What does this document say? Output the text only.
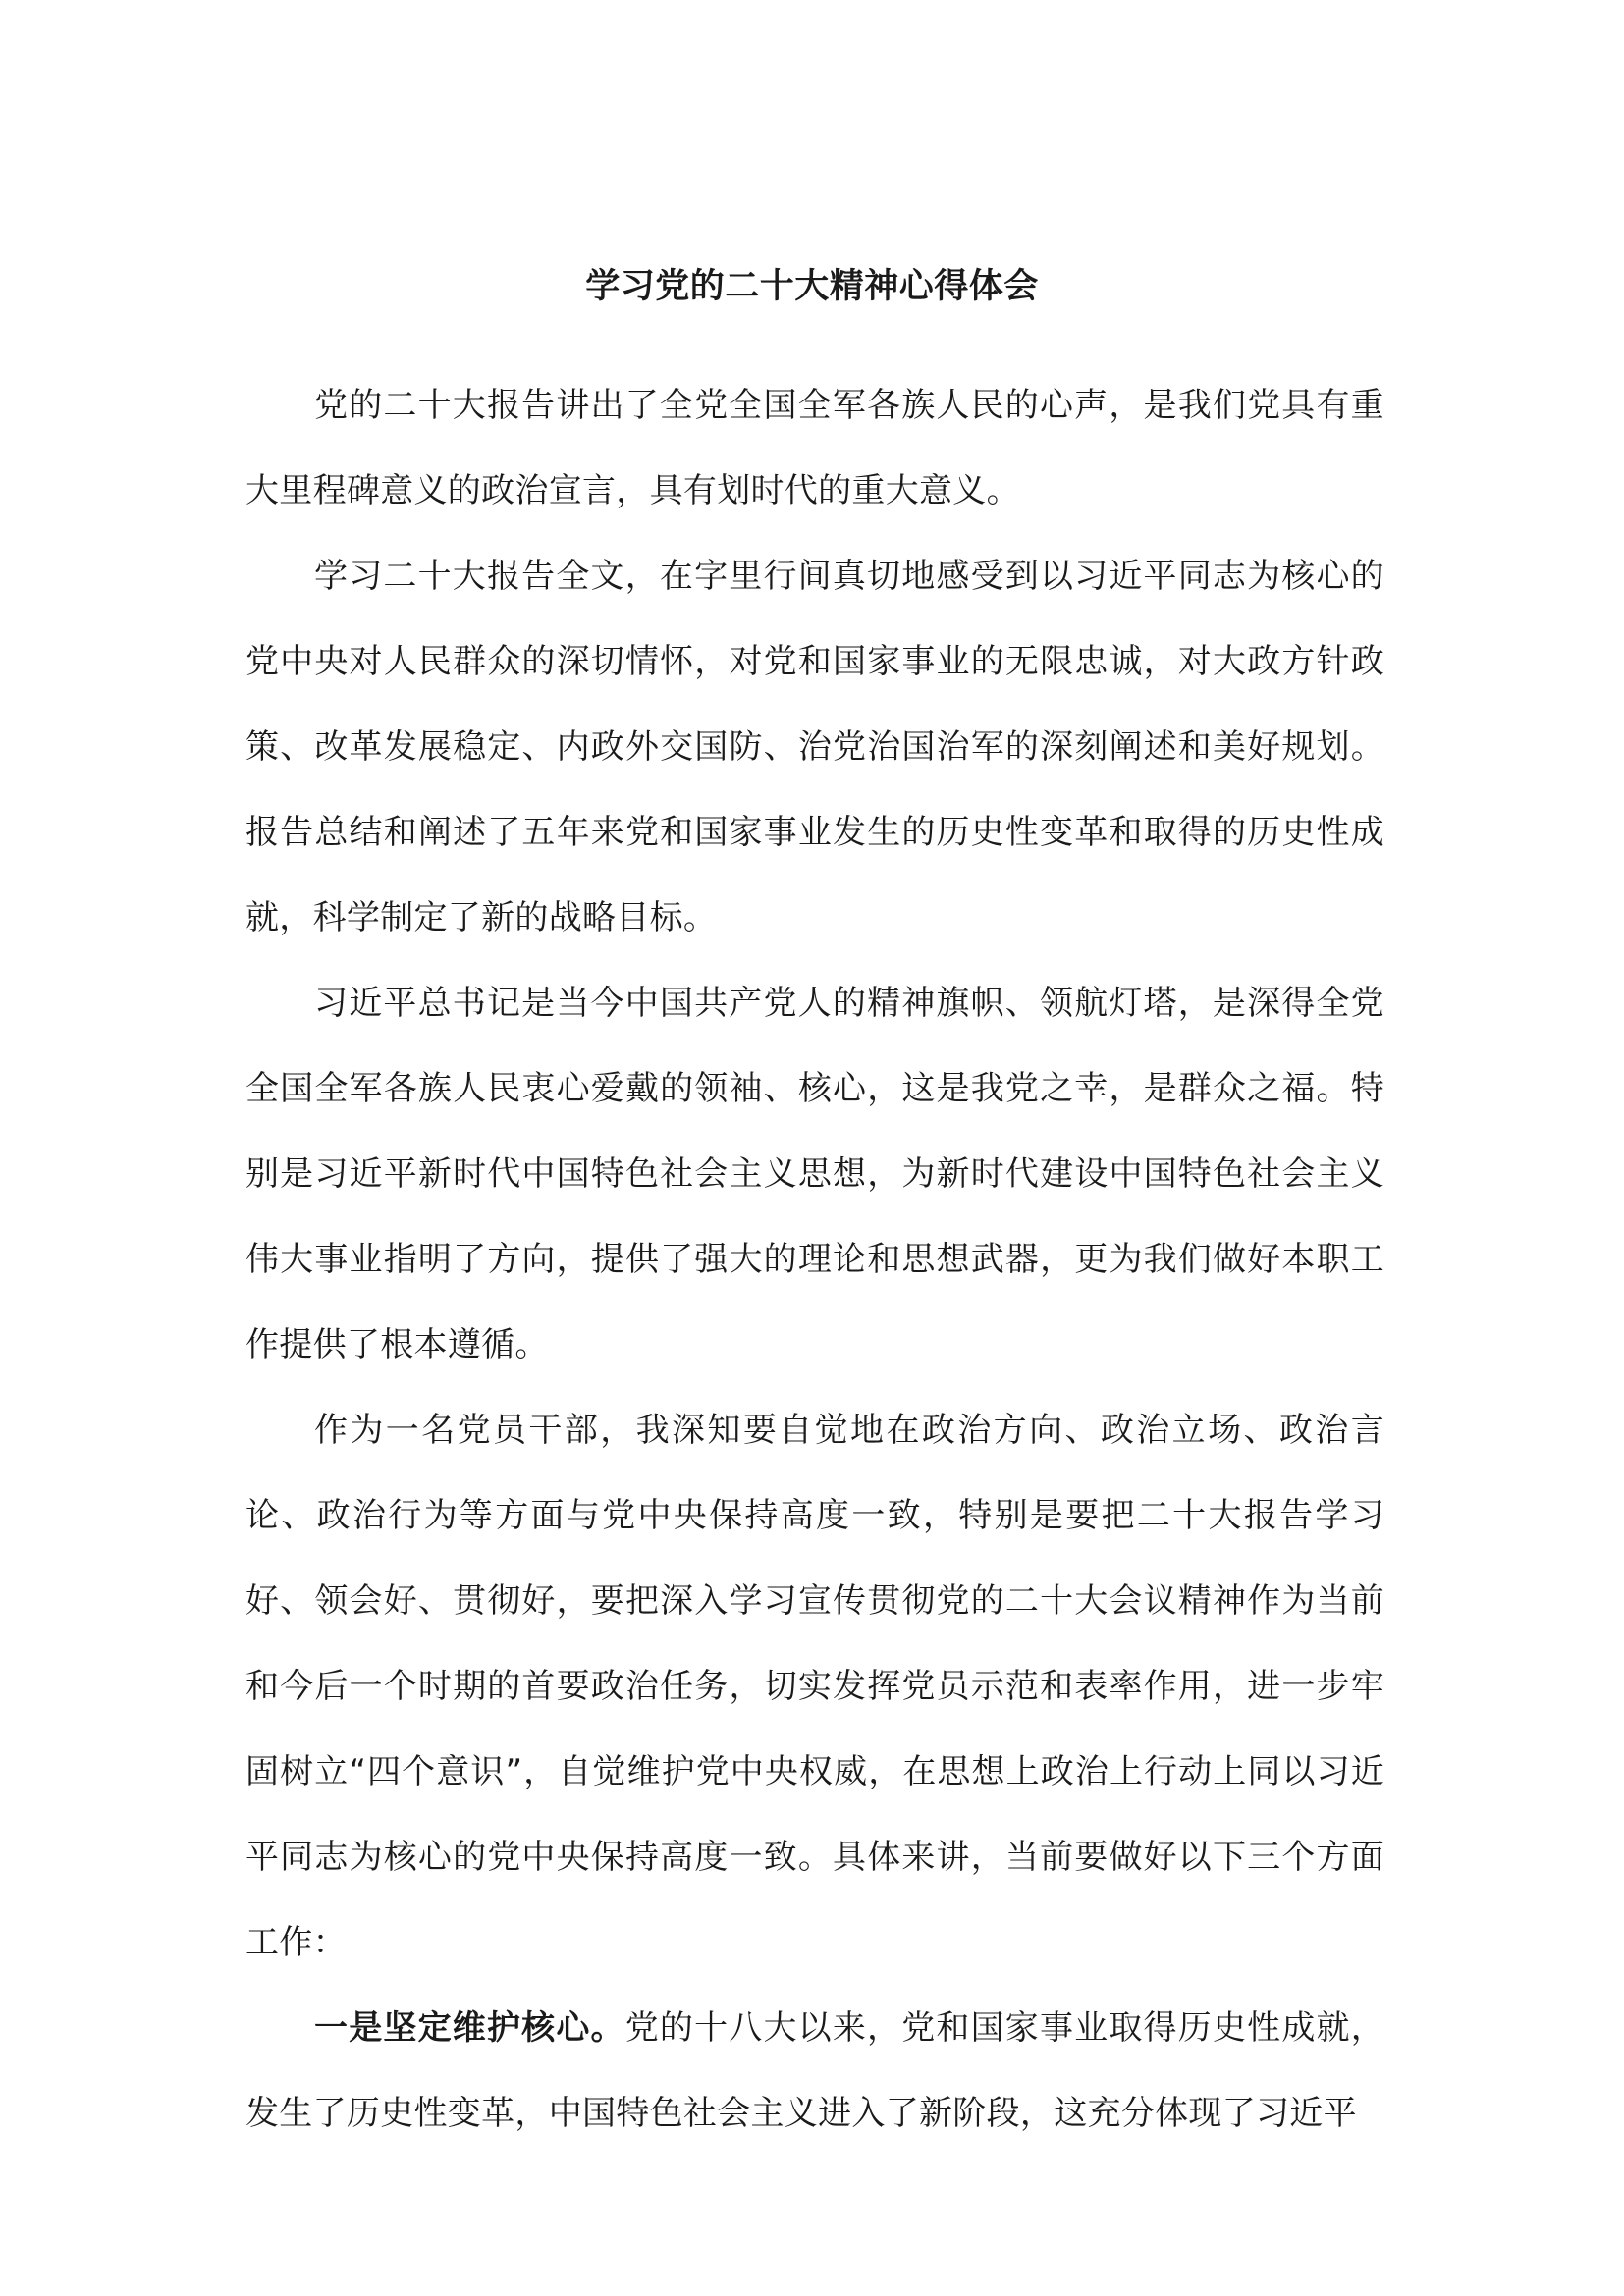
学习党的二十大精神心得体会

党的二十大报告讲出了全党全国全军各族人民的心声，是我们党具有重大里程碑意义的政治宣言，具有划时代的重大意义。

学习二十大报告全文，在字里行间真切地感受到以习近平同志为核心的党中央对人民群众的深切情怀，对党和国家事业的无限忠诚，对大政方针政策、改革发展稳定、内政外交国防、治党治国治军的深刻阐述和美好规划。报告总结和阐述了五年来党和国家事业发生的历史性变革和取得的历史性成就，科学制定了新的战略目标。

习近平总书记是当今中国共产党人的精神旗帜、领航灯塔，是深得全党全国全军各族人民衷心爱戴的领袖、核心，这是我党之幸，是群众之福。特别是习近平新时代中国特色社会主义思想，为新时代建设中国特色社会主义伟大事业指明了方向，提供了强大的理论和思想武器，更为我们做好本职工作提供了根本遵循。

作为一名党员干部，我深知要自觉地在政治方向、政治立场、政治言论、政治行为等方面与党中央保持高度一致，特别是要把二十大报告学习好、领会好、贯彻好，要把深入学习宣传贯彻党的二十大会议精神作为当前和今后一个时期的首要政治任务，切实发挥党员示范和表率作用，进一步牢固树立“四个意识”，自觉维护党中央权威，在思想上政治上行动上同以习近平同志为核心的党中央保持高度一致。具体来讲，当前要做好以下三个方面工作：

一是坚定维护核心。党的十八大以来，党和国家事业取得历史性成就，发生了历史性变革，中国特色社会主义进入了新阶段，这充分体现了习近平
